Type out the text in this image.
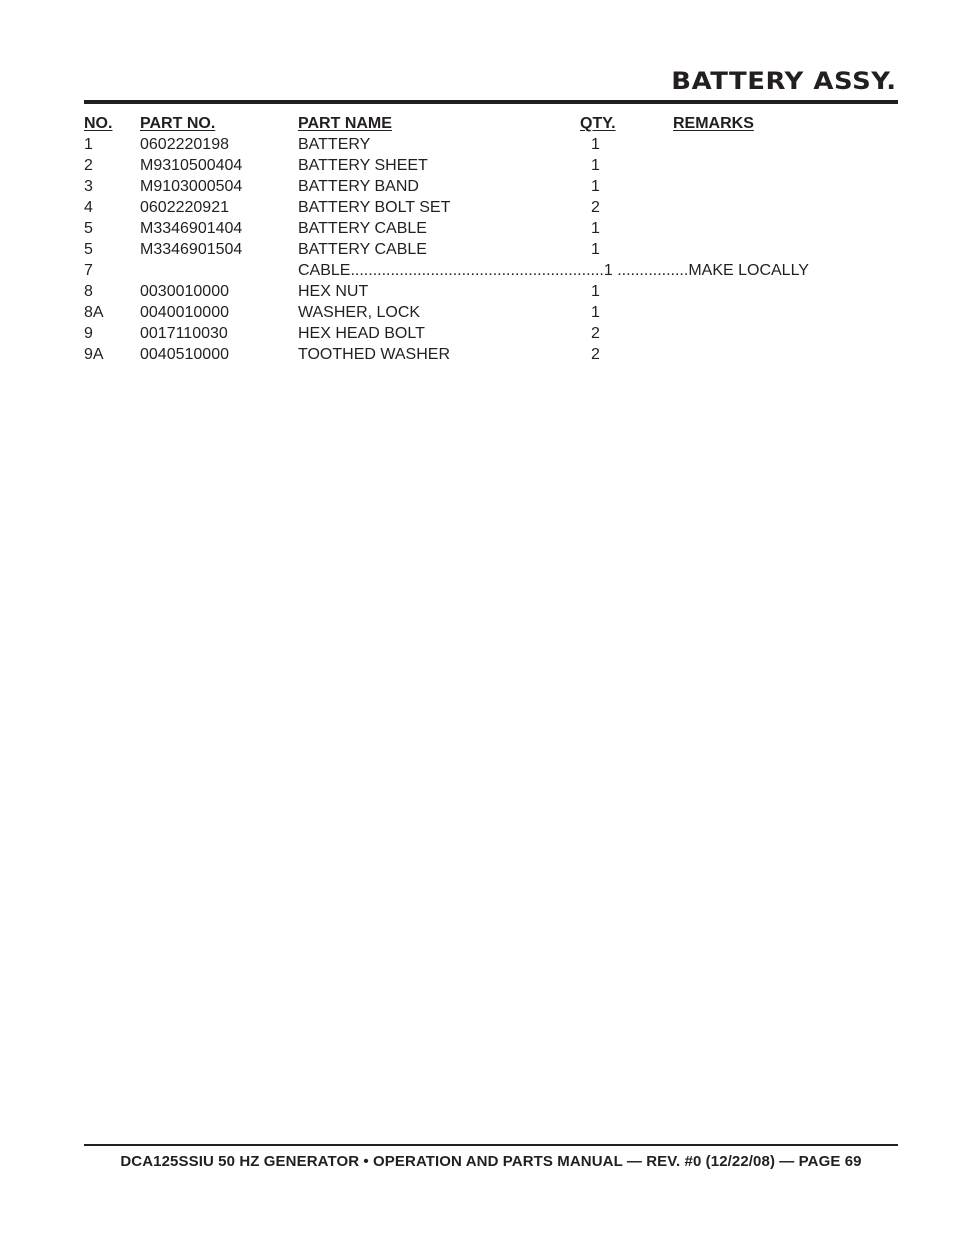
BATTERY ASSY.
NO. PART NO.	PART NAME	QTY.	REMARKS
1	0602220198	BATTERY	1
2	M9310500404	BATTERY SHEET	1
3	M9103000504	BATTERY BAND	1
4	0602220921	BATTERY BOLT SET	2
5	M3346901404	BATTERY CABLE	1
5	M3346901504	BATTERY CABLE	1
7	CABLE.........................................................1 ................MAKE LOCALLY
8	0030010000	HEX NUT	1
8A 0040010000	WASHER, LOCK	1
9	0017110030	HEX HEAD BOLT	2
9A 0040510000	TOOTHED WASHER	2
DCA125SSIU 50 HZ GENERATOR • OPERATION AND PARTS MANUAL — REV. #0 (12/22/08) — PAGE 69
